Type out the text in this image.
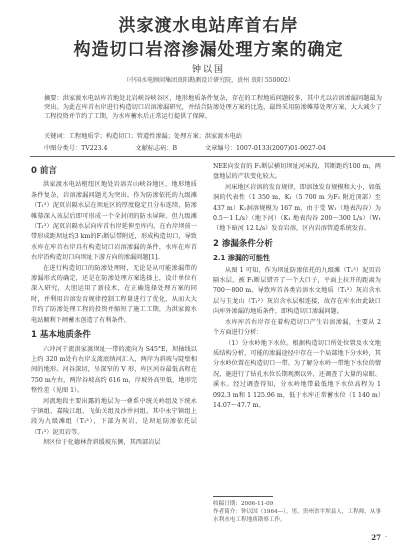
洪家渡水电站库首右岸
构造切口岩溶渗漏处理方案的确定
钟以国
（中国水电顾问集团贵阳勘测设计研究院，贵州 贵阳 550002）
摘要：洪家渡水电站库首地处北岩峡谷峡谷区，地形地质条件复杂，存在的工程地质问题较多，其中尤以岩溶渗漏问题最为突出。为此在库首右岸进行构造切口岩溶渗漏研究，并结合防渗处理方案的比选，最终采用防渗帷幕处理方案，大大减少了工程投资并节约了工期，为水库蓄水后正常运行提供了保障。
关键词：工程地质学；构造切口；管道性渗漏；处理方案；洪家渡水电站
中图分类号：TV223.4	文献标志码：B	文章编号：1007-0133(2007)01-0027-04
0 前言

洪家渡水电站枢纽区地处岩溶弄山峡谷地区，地形地质条件复杂，岩溶渗漏问题尤为突出。作为防渗依托的九级滩（T₁³）泥页岩隔水层在坝址区的厚度稳定且分布连续，防渗帷幕深入该层后即可形成一个全封闭的防水屏障。但九级滩（T₁³）泥页岩隔水层向库首右岸延伸至库内，在右岸坝前一带形成距坝址约3 km的F₁断层带附近，形成构造切口，导致水库在库首右岸具有构造切口岩溶渗漏的条件，水库在库首右岸沿构造切口向坝址下游方向的渗漏问题[1]。

在进行构造切口的防渗处理时，无论是从可能渗漏带的渗漏形式的确定，还是在防渗处理方案选择上，设计单位有深入研究，大胆运用了新技术，在正确选择处理方案的同时，并利用岩溶发育规律控制工程量进行了优化，从而大大节约了防渗处理工程的投资并缩短了施工工期，为洪家渡水电站顺利下闸蓄水创造了有利条件。

1 基本地质条件

六冲河干流洪家渡坝址一带的流向为 S45°E，坝轴线以上约 320 m处有右岸支流底纳河汇入，两岸为斜坡与陡壁相间的地形。河谷深切，呈深窄的 V 形，库区河谷最低高程在 750 m左右，两岸谷坡高约 616 m，岸坡外高里低，地形完整性差（见图 1）。

河流地段主要出露的地层为一叠系中统关岭组及下统永宁镇组、嘉陵江组、飞仙关组及沙井河组，其中永宁镇组上段为九级滩组（T₁³），下部为灰岩，是坝址防渗依托层（T₁³）泥页岩等。

坝区位于化德林背斜缓坡东侧，其西部岩层

NEE向发育的 F₁断层横切坝址河床段，其断距约100 m，两盘地层的产状变化较大。

河床地区岩溶的发育规律，即溶蚀发育规模和大小，如低洞的代表性（1 350 m，K₁（5 700 m 为F₁ 附近顶部）至437 m）K₁洞溶规模为 167 m，由于受 W₁（地表沟谷）为 0.5～1 L/s）（地下河）（K₁ 地表沟谷 200～300 L/s）（W₁（地下暗河 12 L/s）发育岩溶，区内岩溶管道系统发育。

2 渗漏条件分析
2.1 渗漏的可能性

从图 1 可知，作为坝址防渗依托的九级滩（T₁³）泥页岩隔水层，被 F₁断层错开了一个大口子，平面上拉开的距离为 700～800 m，导致库首各类岩溶水文地质（T₁³）灰岩含水层与玉龙山（T₁²）灰岩含水层相连接，故存在库水由此缺口向库外渗漏的地质条件，即构造切口渗漏问题。

水库库首右岸存在着构造切口产生岩溶渗漏，主要从 2 个方面进行分析：

（1）分水岭地下水位。根据构造切口所处位置及水文地质结构分析，可能的渗漏途径中存在一个局部地下分水岭，其分水岭位置在构造切口一带。为了解分水岭一带地下水位的情况，施进行了钻孔水位长期观测以外，还调查了大量的泉眼、溪水。经过调查得知，分水岭地带最低地下水位高程为 1 092.3 m和 1 125.96 m，低于水库正常蓄水位（1 140 m）14.07～47.7 m。

收稿日期：2006-11-09
作者简介：钟以国（1964—），男，贵州省平坝县人，工程师，从事水利水电工程地质勘察工作。
27 ·
